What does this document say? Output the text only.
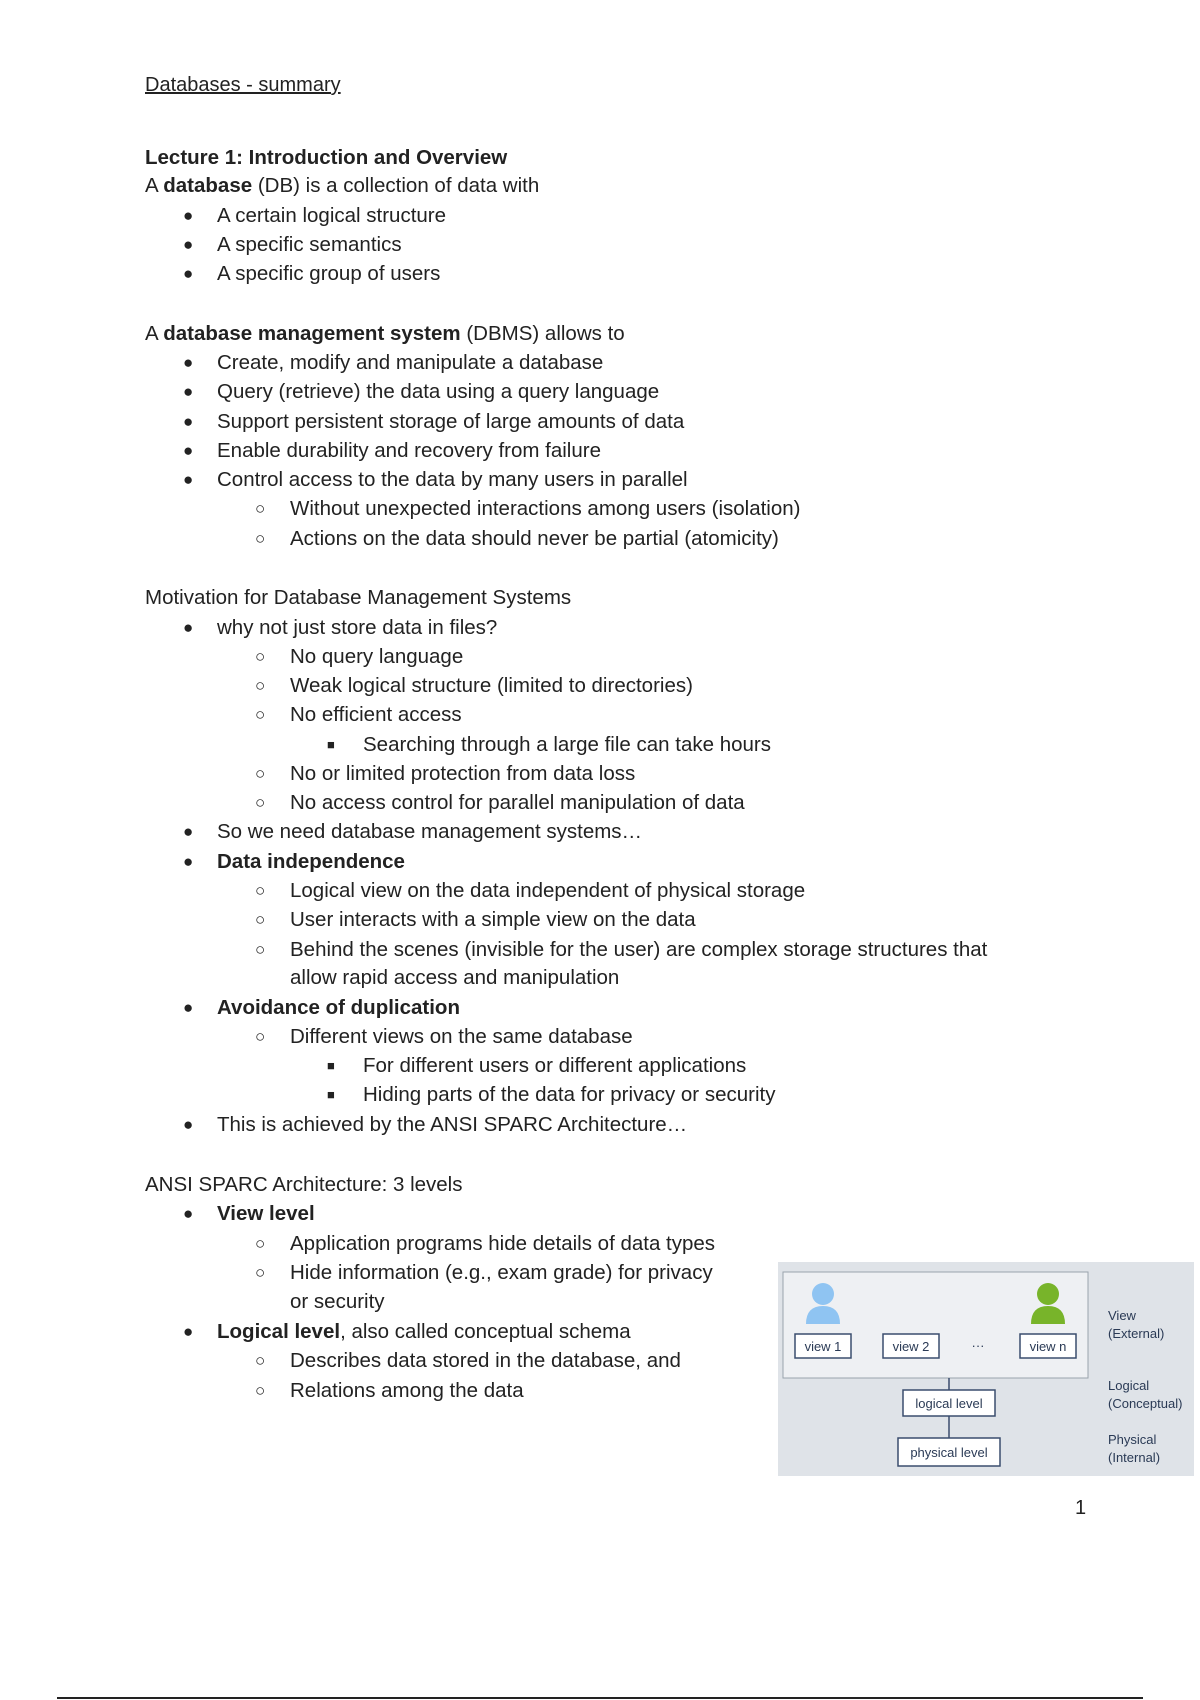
Databases - summary
Lecture 1: Introduction and Overview
A database (DB) is a collection of data with
● A certain logical structure
● A specific semantics
● A specific group of users
A database management system (DBMS) allows to
● Create, modify and manipulate a database
● Query (retrieve) the data using a query language
● Support persistent storage of large amounts of data
● Enable durability and recovery from failure
● Control access to the data by many users in parallel
○ Without unexpected interactions among users (isolation)
○ Actions on the data should never be partial (atomicity)
Motivation for Database Management Systems
● why not just store data in files?
○ No query language
○ Weak logical structure (limited to directories)
○ No efficient access
■ Searching through a large file can take hours
○ No or limited protection from data loss
○ No access control for parallel manipulation of data
● So we need database management systems…
● Data independence
○ Logical view on the data independent of physical storage
○ User interacts with a simple view on the data
○ Behind the scenes (invisible for the user) are complex storage structures that
allow rapid access and manipulation
● Avoidance of duplication
○ Different views on the same database
■ For different users or different applications
■ Hiding parts of the data for privacy or security
● This is achieved by the ANSI SPARC Architecture…
ANSI SPARC Architecture: 3 levels
● View level
○ Application programs hide details of data types
○ Hide information (e.g., exam grade) for privacy
or security
● Logical level, also called conceptual schema
○ Describes data stored in the database, and
○ Relations among the data
view 1	view 2	···	view n
logical level
physical level
View
(External)
Logical
(Conceptual)
Physical
(Internal)
1
